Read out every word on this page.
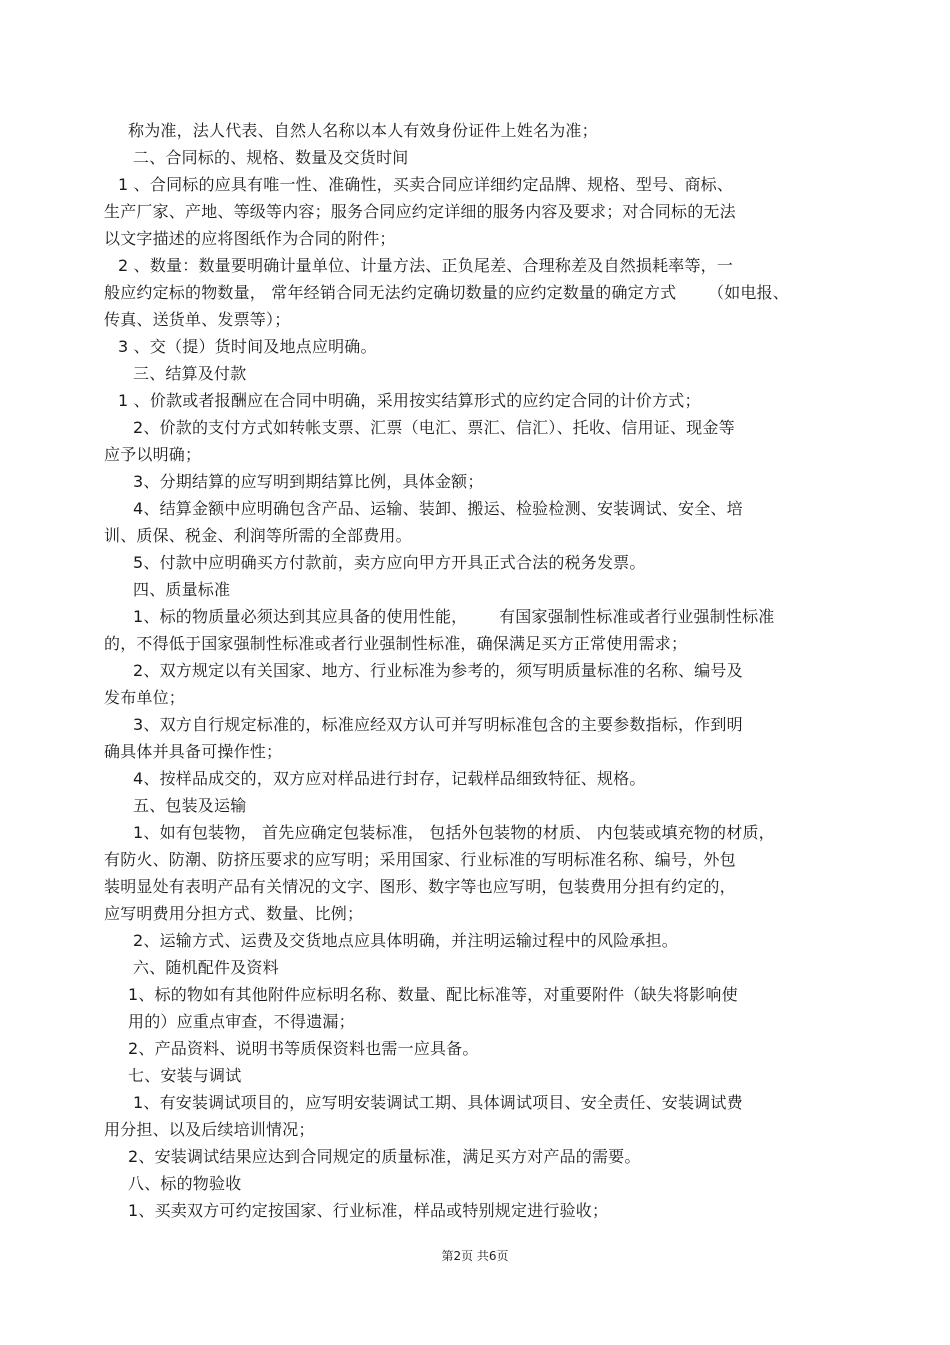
称为准，法人代表、自然人名称以本人有效身份证件上姓名为准；
二、合同标的、规格、数量及交货时间
1 、合同标的应具有唯一性、准确性，买卖合同应详细约定品牌、规格、型号、商标、
生产厂家、产地、等级等内容；服务合同应约定详细的服务内容及要求；对合同标的无法
以文字描述的应将图纸作为合同的附件；
2 、数量：数量要明确计量单位、计量方法、正负尾差、合理称差及自然损耗率等，一
般应约定标的物数量， 常年经销合同无法约定确切数量的应约定数量的确定方式      （如电报、
传真、送货单、发票等）；
3 、交（提）货时间及地点应明确。
三、结算及付款
1 、价款或者报酬应在合同中明确，采用按实结算形式的应约定合同的计价方式；
2、价款的支付方式如转帐支票、汇票（电汇、票汇、信汇）、托收、信用证、现金等
应予以明确；
3、分期结算的应写明到期结算比例，具体金额；
4、结算金额中应明确包含产品、运输、装卸、搬运、检验检测、安装调试、安全、培
训、质保、税金、利润等所需的全部费用。
5、付款中应明确买方付款前，卖方应向甲方开具正式合法的税务发票。
四、质量标准
1、标的物质量必须达到其应具备的使用性能，      有国家强制性标准或者行业强制性标准
的，不得低于国家强制性标准或者行业强制性标准，确保满足买方正常使用需求；
2、双方规定以有关国家、地方、行业标准为参考的，须写明质量标准的名称、编号及
发布单位；
3、双方自行规定标准的，标准应经双方认可并写明标准包含的主要参数指标，作到明
确具体并具备可操作性；
4、按样品成交的，双方应对样品进行封存，记载样品细致特征、规格。
五、包装及运输
1、如有包装物， 首先应确定包装标准， 包括外包装物的材质、 内包装或填充物的材质，
有防火、防潮、防挤压要求的应写明；采用国家、行业标准的写明标准名称、编号，外包
装明显处有表明产品有关情况的文字、图形、数字等也应写明，包装费用分担有约定的，
应写明费用分担方式、数量、比例；
2、运输方式、运费及交货地点应具体明确，并注明运输过程中的风险承担。
六、随机配件及资料
1、标的物如有其他附件应标明名称、数量、配比标准等，对重要附件（缺失将影响使
用的）应重点审查，不得遗漏；
2、产品资料、说明书等质保资料也需一应具备。
七、安装与调试
1、有安装调试项目的，应写明安装调试工期、具体调试项目、安全责任、安装调试费
用分担、以及后续培训情况；
2、安装调试结果应达到合同规定的质量标准，满足买方对产品的需要。
八、标的物验收
1、买卖双方可约定按国家、行业标准，样品或特别规定进行验收；
第2页 共6页
